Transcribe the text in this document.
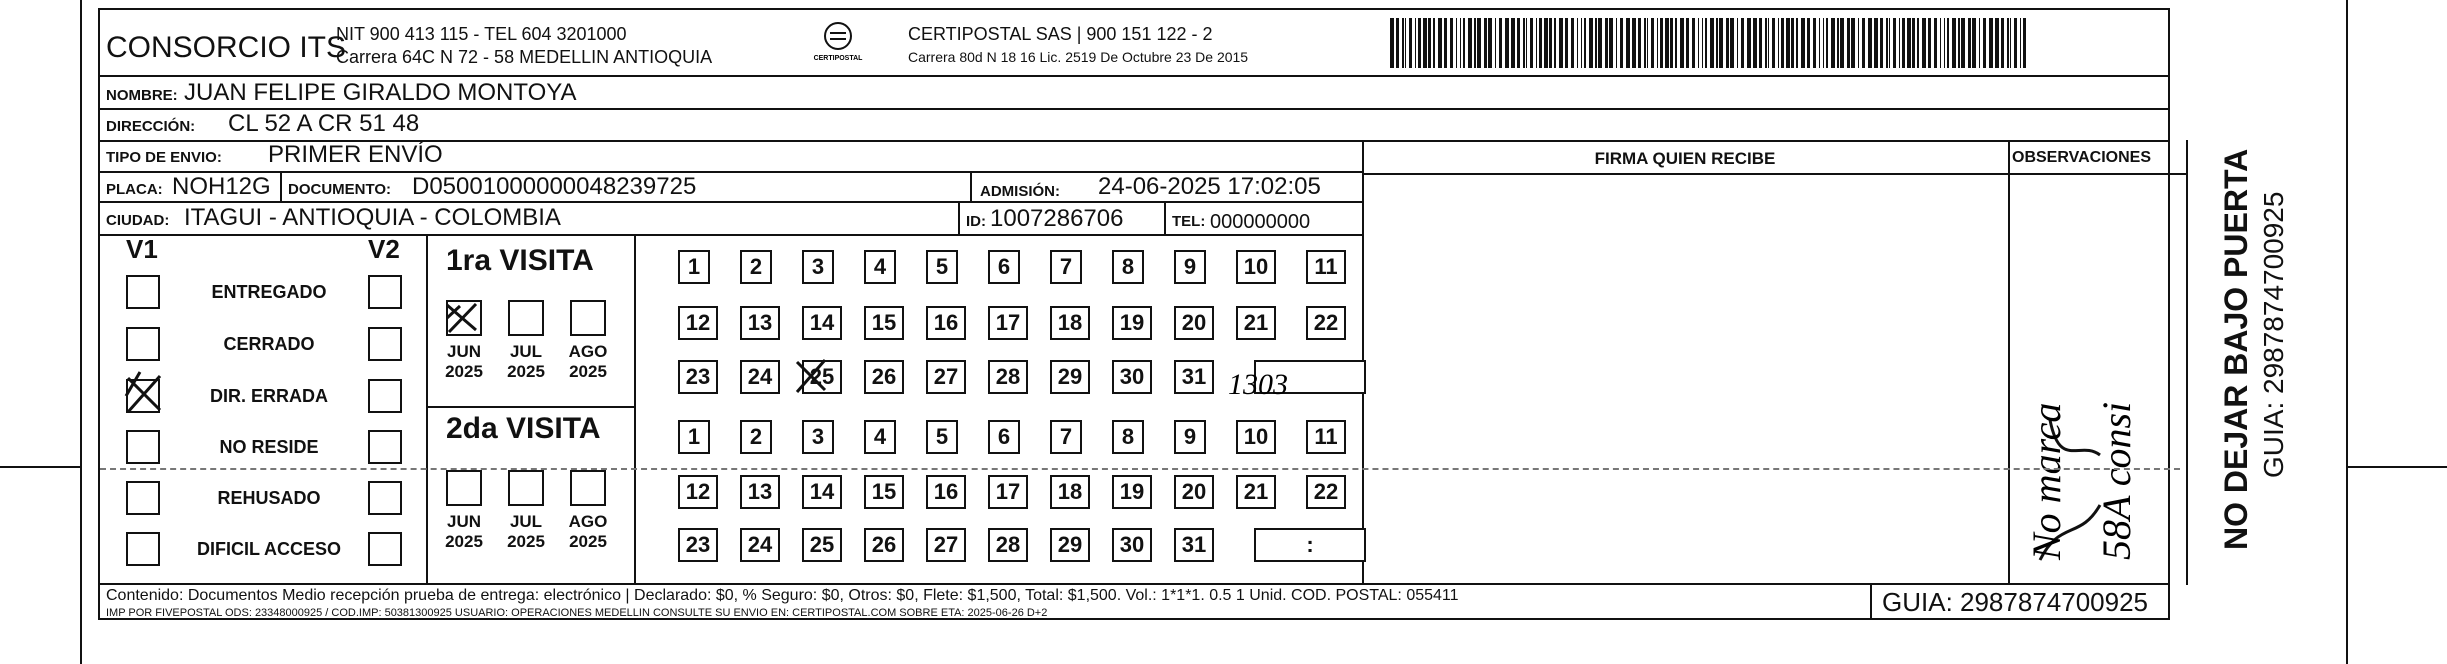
CONSORCIO ITS
NIT 900 413 115 - TEL 604 3201000
Carrera 64C N 72 - 58 MEDELLIN ANTIOQUIA	CERTIPOSTAL
CERTIPOSTAL SAS | 900 151 122 - 2
Carrera 80d N 18 16 Lic. 2519 De Octubre 23 De 2015
NOMBRE: JUAN FELIPE GIRALDO MONTOYA
DIRECCIÓN: CL 52 A CR 51 48
TIPO DE ENVIO: PRIMER ENVÍO	FIRMA QUIEN RECIBE	OBSERVACIONES
PLACA: NOH12G DOCUMENTO: D05001000000048239725	ADMISIÓN: 24-06-2025 17:02:05
CIUDAD: ITAGUI - ANTIOQUIA - COLOMBIA	ID: 1007286706	TEL: 000000000
V1	V2
ENTREGADO
CERRADO
DIR. ERRADA
NO RESIDE
REHUSADO
DIFICIL ACCESO
1ra VISITA
2da VISITA
JUN
2025
JUL
2025
AGO
2025
JUN
2025
JUL
2025
AGO
2025
1	2	3	4	5	6	7	8	9	10	11
12	13	14	15	16	17	18	19	20	21	22
23	24	25	26	27	28	29	30	31
1	2	3	4	5	6	7	8	9	10	11
12	13	14	15	16	17	18	19	20	21	22
23	24	25	26	27	28	29	30	31	:
1303
No marca 58A consi
Contenido: Documentos Medio recepción prueba de entrega: electrónico | Declarado: $0, % Seguro: $0, Otros: $0, Flete: $1,500, Total: $1,500. Vol.: 1*1*1. 0.5 1 Unid. COD. POSTAL: 055411
IMP POR FIVEPOSTAL ODS: 23348000925 / COD.IMP: 50381300925 USUARIO: OPERACIONES MEDELLIN CONSULTE SU ENVIO EN: CERTIPOSTAL.COM SOBRE ETA: 2025-06-26 D+2	GUIA: 2987874700925
NO DEJAR BAJO PUERTA GUIA: 2987874700925
